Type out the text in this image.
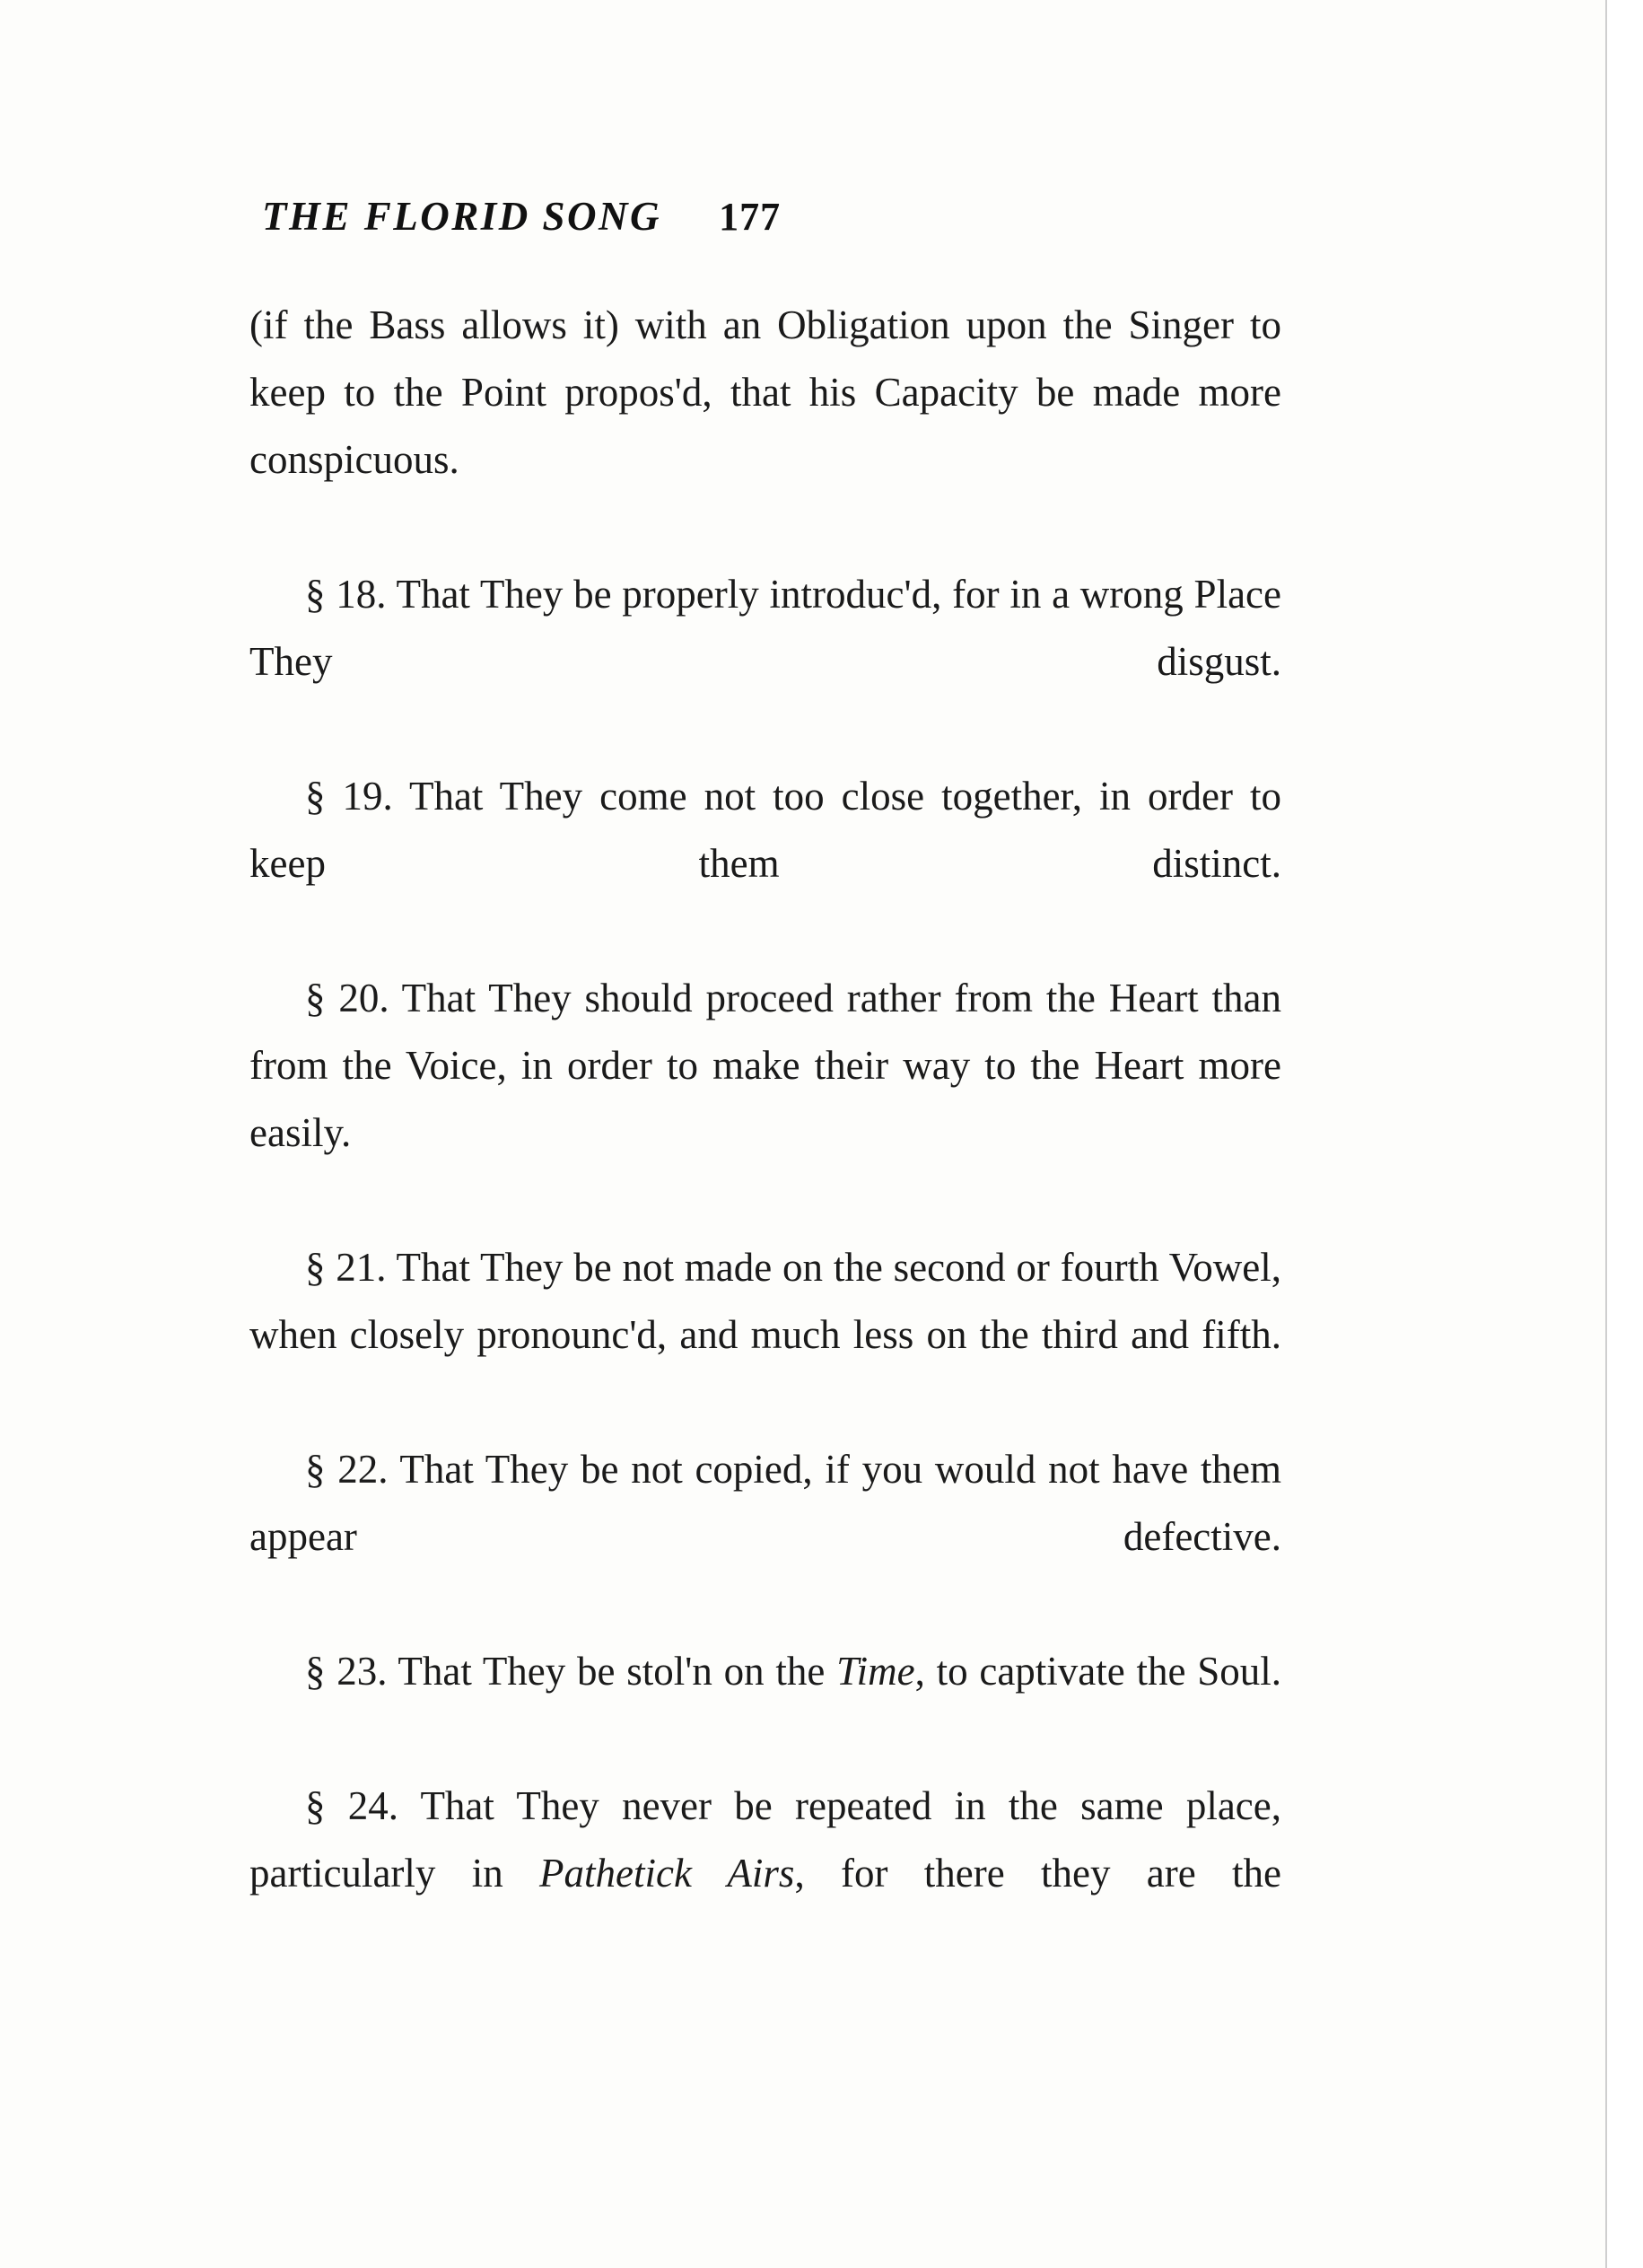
THE FLORID SONG 177

(if the Bass allows it) with an Obligation upon the Singer to keep to the Point propos'd, that his Capacity be made more conspicuous.

§ 18. That They be properly introduc'd, for in a wrong Place They disgust.

§ 19. That They come not too close together, in order to keep them distinct.

§ 20. That They should proceed rather from the Heart than from the Voice, in order to make their way to the Heart more easily.

§ 21. That They be not made on the second or fourth Vowel, when closely pronounc'd, and much less on the third and fifth.

§ 22. That They be not copied, if you would not have them appear defective.

§ 23. That They be stol'n on the Time, to captivate the Soul.

§ 24. That They never be repeated in the same place, particularly in Pathetick Airs, for there they are the
